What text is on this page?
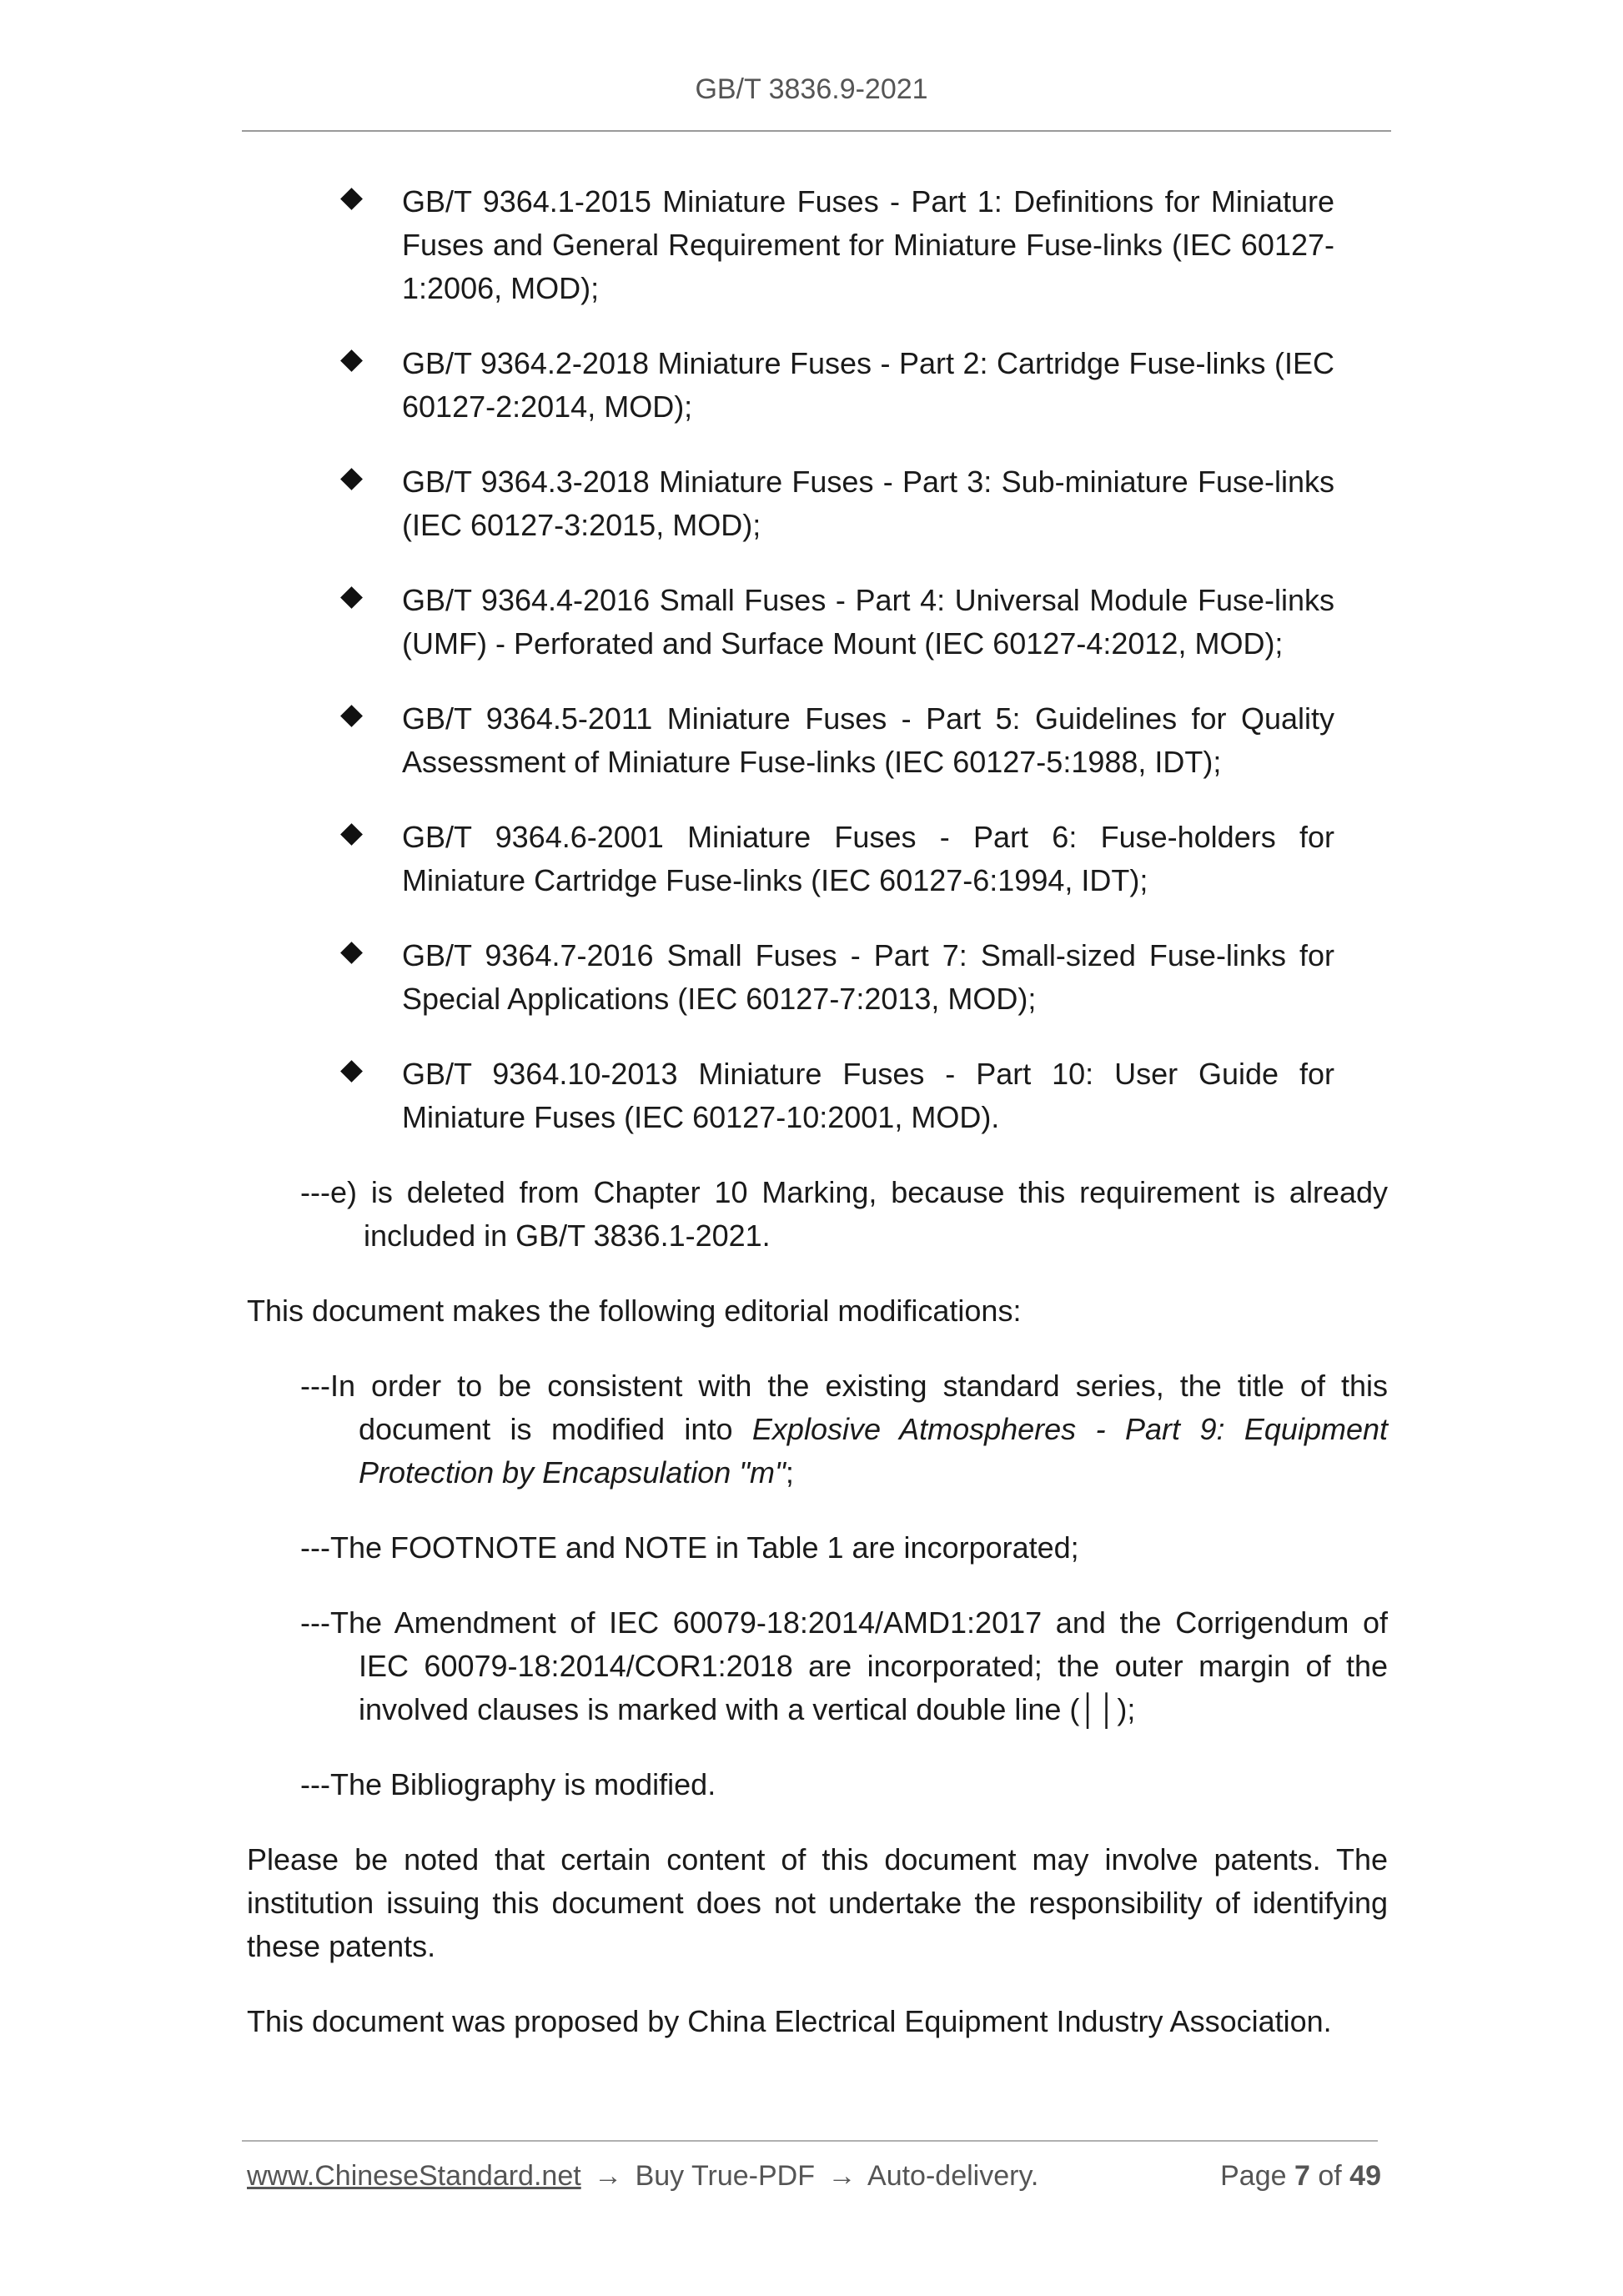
GB/T 3836.9-2021
GB/T 9364.1-2015 Miniature Fuses - Part 1: Definitions for Miniature Fuses and General Requirement for Miniature Fuse-links (IEC 60127-1:2006, MOD);
GB/T 9364.2-2018 Miniature Fuses - Part 2: Cartridge Fuse-links (IEC 60127-2:2014, MOD);
GB/T 9364.3-2018 Miniature Fuses - Part 3: Sub-miniature Fuse-links (IEC 60127-3:2015, MOD);
GB/T 9364.4-2016 Small Fuses - Part 4: Universal Module Fuse-links (UMF) - Perforated and Surface Mount (IEC 60127-4:2012, MOD);
GB/T 9364.5-2011 Miniature Fuses - Part 5: Guidelines for Quality Assessment of Miniature Fuse-links (IEC 60127-5:1988, IDT);
GB/T 9364.6-2001 Miniature Fuses - Part 6: Fuse-holders for Miniature Cartridge Fuse-links (IEC 60127-6:1994, IDT);
GB/T 9364.7-2016 Small Fuses - Part 7: Small-sized Fuse-links for Special Applications (IEC 60127-7:2013, MOD);
GB/T 9364.10-2013 Miniature Fuses - Part 10: User Guide for Miniature Fuses (IEC 60127-10:2001, MOD).
---e) is deleted from Chapter 10 Marking, because this requirement is already included in GB/T 3836.1-2021.
This document makes the following editorial modifications:
---In order to be consistent with the existing standard series, the title of this document is modified into Explosive Atmospheres - Part 9: Equipment Protection by Encapsulation "m";
---The FOOTNOTE and NOTE in Table 1 are incorporated;
---The Amendment of IEC 60079-18:2014/AMD1:2017 and the Corrigendum of IEC 60079-18:2014/COR1:2018 are incorporated; the outer margin of the involved clauses is marked with a vertical double line (││);
---The Bibliography is modified.
Please be noted that certain content of this document may involve patents. The institution issuing this document does not undertake the responsibility of identifying these patents.
This document was proposed by China Electrical Equipment Industry Association.
www.ChineseStandard.net → Buy True-PDF → Auto-delivery.	Page 7 of 49
